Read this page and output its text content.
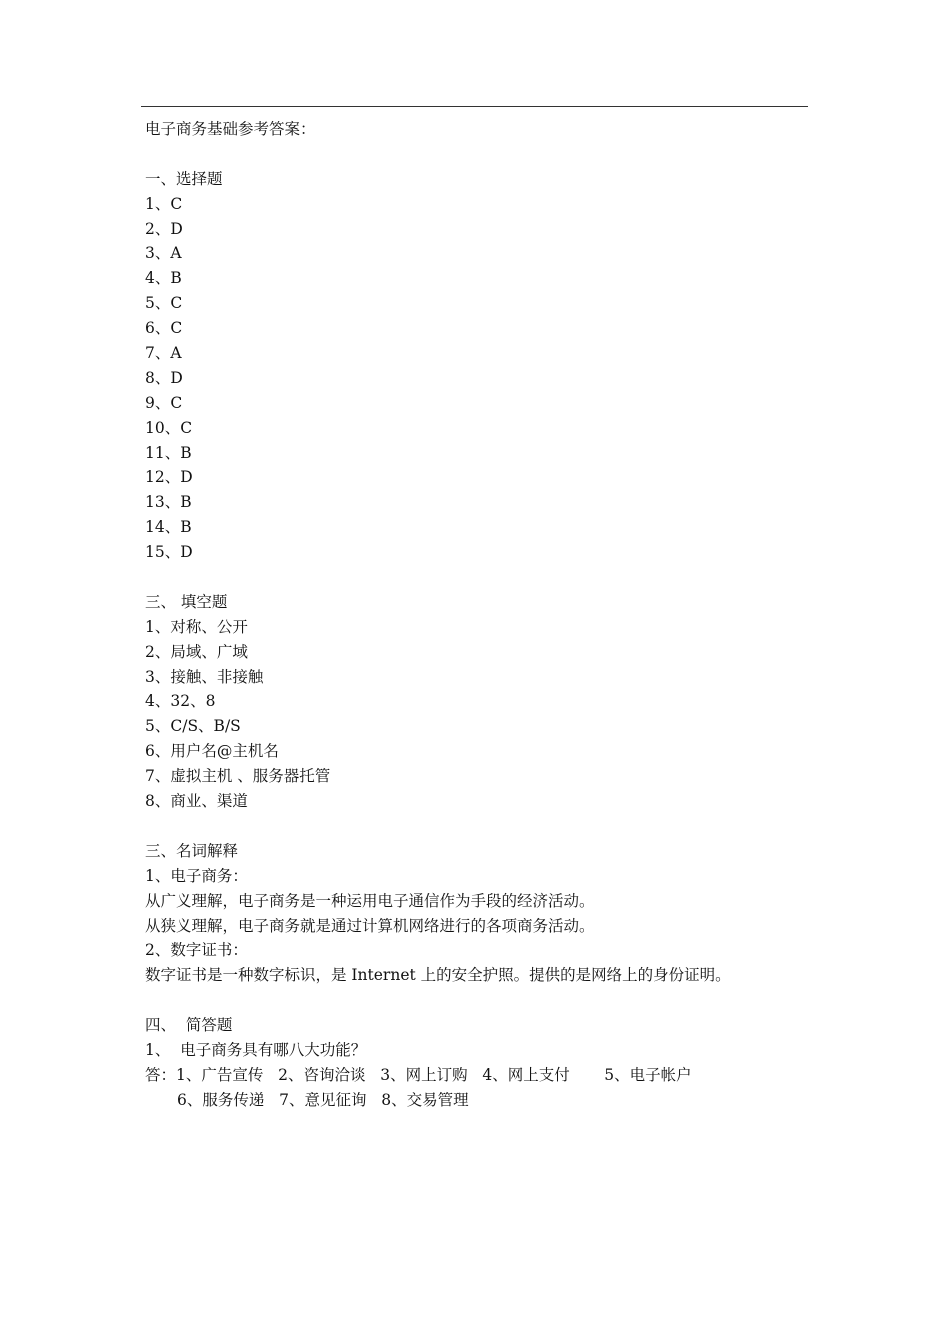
电子商务基础参考答案：
一、选择题
1、C
2、D
3、A
4、B
5、C
6、C
7、A
8、D
9、C
10、C
11、B
12、D
13、B
14、B
15、D
三、 填空题
1、对称、公开
2、局域、广域
3、接触、非接触
4、32、8
5、C/S、B/S
6、用户名@主机名
7、虚拟主机 、服务器托管
8、商业、渠道
三、名词解释
1、电子商务：
从广义理解，电子商务是一种运用电子通信作为手段的经济活动。
从狭义理解，电子商务就是通过计算机网络进行的各项商务活动。
2、数字证书：
数字证书是一种数字标识，是 Internet 上的安全护照。提供的是网络上的身份证明。
四、  简答题
1、  电子商务具有哪八大功能？
答：1、广告宣传   2、咨询洽谈   3、网上订购   4、网上支付       5、电子帐户
6、服务传递   7、意见征询   8、交易管理
